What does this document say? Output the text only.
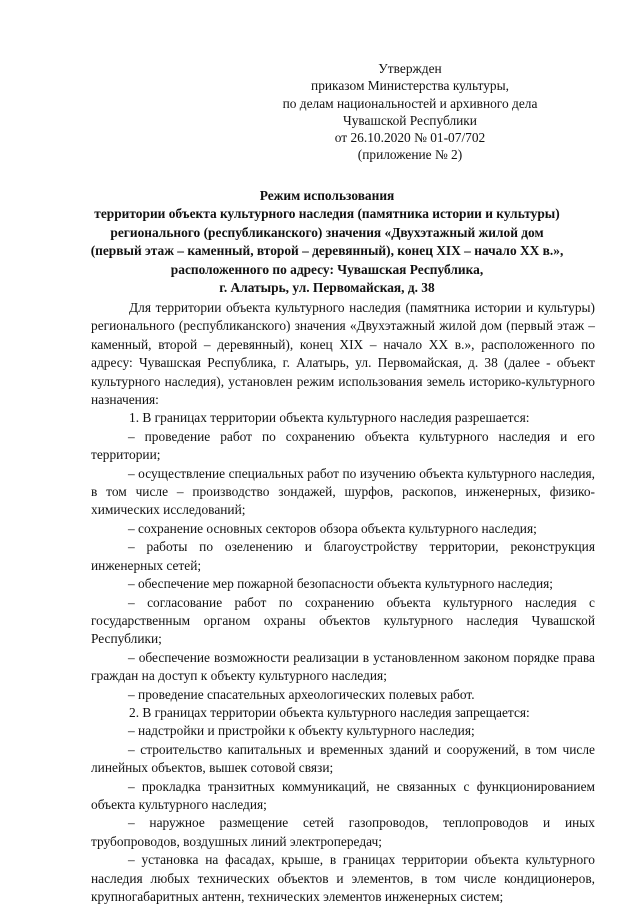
Утвержден
приказом Министерства культуры,
по делам национальностей и архивного дела
Чувашской Республики
от 26.10.2020 № 01-07/702
(приложение № 2)
Режим использования
территории объекта культурного наследия (памятника истории и культуры)
регионального (республиканского) значения «Двухэтажный жилой дом
(первый этаж – каменный, второй – деревянный), конец XIX – начало XX в.»,
расположенного по адресу: Чувашская Республика,
г. Алатырь, ул. Первомайская, д. 38

Для территории объекта культурного наследия (памятника истории и культуры) регионального (республиканского) значения «Двухэтажный жилой дом (первый этаж – каменный, второй – деревянный), конец XIX – начало XX в.», расположенного по адресу: Чувашская Республика, г. Алатырь, ул. Первомайская, д. 38 (далее - объект культурного наследия), установлен режим использования земель историко-культурного назначения:

1. В границах территории объекта культурного наследия разрешается:

– проведение работ по сохранению объекта культурного наследия и его территории;

– осуществление специальных работ по изучению объекта культурного наследия, в том числе – производство зондажей, шурфов, раскопов, инженерных, физико-химических исследований;

– сохранение основных секторов обзора объекта культурного наследия;

– работы по озеленению и благоустройству территории, реконструкция инженерных сетей;

– обеспечение мер пожарной безопасности объекта культурного наследия;

– согласование работ по сохранению объекта культурного наследия с государственным органом охраны объектов культурного наследия Чувашской Республики;

– обеспечение возможности реализации в установленном законом порядке права граждан на доступ к объекту культурного наследия;

– проведение спасательных археологических полевых работ.

2. В границах территории объекта культурного наследия запрещается:

– надстройки и пристройки к объекту культурного наследия;

– строительство капитальных и временных зданий и сооружений, в том числе линейных объектов, вышек сотовой связи;

– прокладка транзитных коммуникаций, не связанных с функционированием объекта культурного наследия;

– наружное размещение сетей газопроводов, теплопроводов и иных трубопроводов, воздушных линий электропередач;

– установка на фасадах, крыше, в границах территории объекта культурного наследия любых технических объектов и элементов, в том числе кондиционеров, крупногабаритных антенн, технических элементов инженерных систем;
